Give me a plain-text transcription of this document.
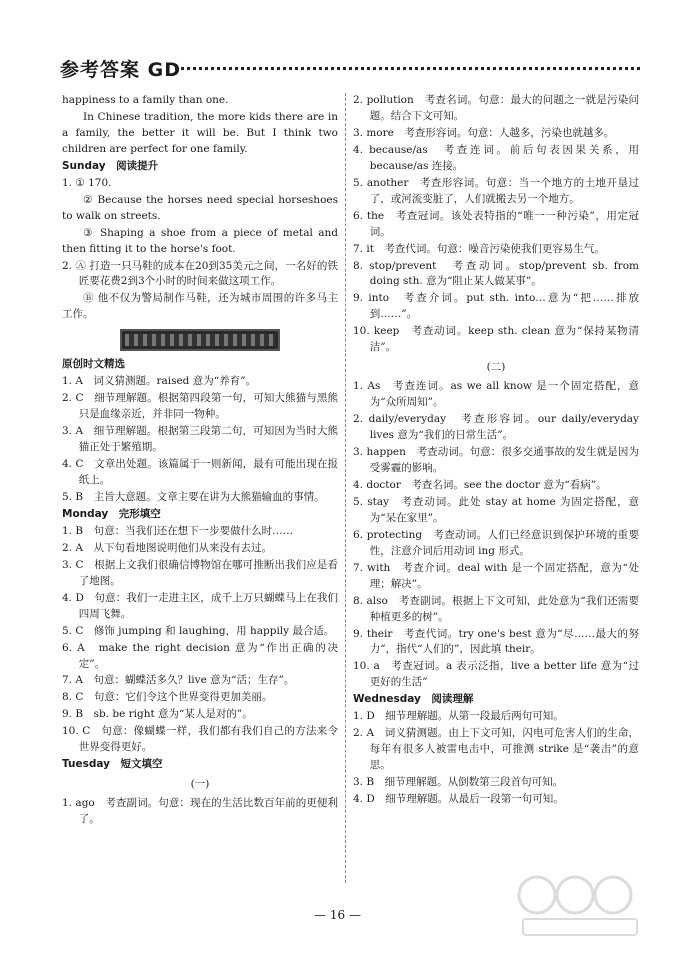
参考答案 GD

happiness to a family than one.

In Chinese tradition, the more kids there are in a family, the better it will be. But I think two children are perfect for one family.

Sunday　阅读提升

1. ① 170.

② Because the horses need special horseshoes to walk on streets.

③ Shaping a shoe from a piece of metal and then fitting it to the horse's foot.

2. Ⓐ 打造一只马鞋的成本在20到35美元之间，一名好的铁匠要花费2到3个小时的时间来做这项工作。

Ⓑ 他不仅为警局制作马鞋，还为城市周围的许多马主工作。

原创时文精选

1. A　词义猜测题。raised 意为“养育”。

2. C　细节理解题。根据第四段第一句，可知大熊猫与黑熊只是血缘亲近，并非同一物种。

3. A　细节理解题。根据第三段第二句，可知因为当时大熊猫正处于繁殖期。

4. C　文章出处题。该篇属于一则新闻，最有可能出现在报纸上。

5. B　主旨大意题。文章主要在讲为大熊猫输血的事情。

Monday　完形填空

1. B　句意：当我们还在想下一步要做什么时……

2. A　从下句看地图说明他们从来没有去过。

3. C　根据上文我们很确信博物馆在哪可推断出我们应是看了地图。

4. D　句意：我们一走进主区，成千上万只蝴蝶马上在我们四周飞舞。

5. C　修饰 jumping 和 laughing，用 happily 最合适。

6. A　make the right decision 意为“作出正确的决定”。

7. A　句意：蝴蝶活多久？live 意为“活；生存”。

8. C　句意：它们令这个世界变得更加美丽。

9. B　sb. be right 意为“某人是对的”。

10. C　句意：像蝴蝶一样，我们都有我们自己的方法来令世界变得更好。

Tuesday　短文填空

(一)

1. ago　考查副词。句意：现在的生活比数百年前的更便利了。

2. pollution　考查名词。句意：最大的问题之一就是污染问题。结合下文可知。

3. more　考查形容词。句意：人越多，污染也就越多。

4. because/as　考查连词。前后句表因果关系，用 because/as 连接。

5. another　考查形容词。句意：当一个地方的土地开垦过了，或河流变脏了，人们就搬去另一个地方。

6. the　考查冠词。该处表特指的“唯一一种污染”，用定冠词。

7. it　考查代词。句意：噪音污染使我们更容易生气。

8. stop/prevent　考查动词。stop/prevent sb. from doing sth. 意为“阻止某人做某事”。

9. into　考查介词。put sth. into…意为“把……排放到……”。

10. keep　考查动词。keep sth. clean 意为“保持某物清洁”。

(二)

1. As　考查连词。as we all know 是一个固定搭配，意为“众所周知”。

2. daily/everyday　考查形容词。our daily/everyday lives 意为“我们的日常生活”。

3. happen　考查动词。句意：很多交通事故的发生就是因为受雾霾的影响。

4. doctor　考查名词。see the doctor 意为“看病”。

5. stay　考查动词。此处 stay at home 为固定搭配，意为“呆在家里”。

6. protecting　考查动词。人们已经意识到保护环境的重要性，注意介词后用动词 ing 形式。

7. with　考查介词。deal with 是一个固定搭配，意为“处理；解决”。

8. also　考查副词。根据上下文可知，此处意为“我们还需要种植更多的树”。

9. their　考查代词。try one's best 意为“尽……最大的努力”，指代“人们的”，因此填 their。

10. a　考查冠词。a 表示泛指，live a better life 意为“过更好的生活”

Wednesday　阅读理解

1. D　细节理解题。从第一段最后两句可知。

2. A　词义猜测题。由上下文可知，闪电可危害人们的生命，每年有很多人被雷电击中，可推测 strike 是“袭击”的意思。

3. B　细节理解题。从倒数第三段首句可知。

4. D　细节理解题。从最后一段第一句可知。

— 16 —
